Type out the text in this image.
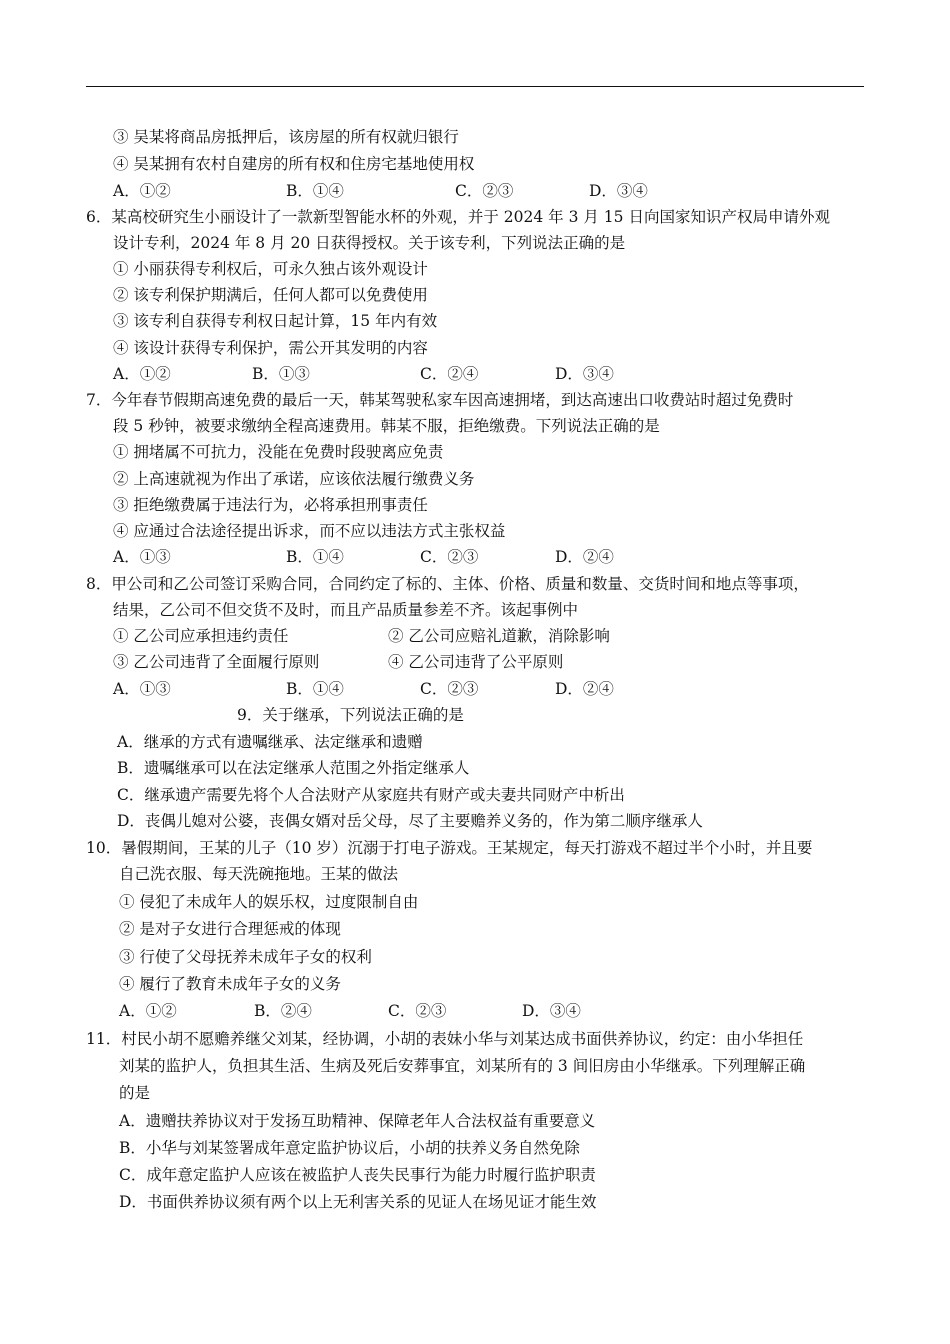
③ 吴某将商品房抵押后，该房屋的所有权就归银行
④ 吴某拥有农村自建房的所有权和住房宅基地使用权
A．①②	B．①④	C．②③	D．③④
6．某高校研究生小丽设计了一款新型智能水杯的外观，并于 2024 年 3 月 15 日向国家知识产权局申请外观
设计专利，2024 年 8 月 20 日获得授权。关于该专利，下列说法正确的是
① 小丽获得专利权后，可永久独占该外观设计
② 该专利保护期满后，任何人都可以免费使用
③ 该专利自获得专利权日起计算，15 年内有效
④ 该设计获得专利保护，需公开其发明的内容
A．①②	B．①③	C．②④	D．③④
7．今年春节假期高速免费的最后一天，韩某驾驶私家车因高速拥堵，到达高速出口收费站时超过免费时
段 5 秒钟，被要求缴纳全程高速费用。韩某不服，拒绝缴费。下列说法正确的是
① 拥堵属不可抗力，没能在免费时段驶离应免责
② 上高速就视为作出了承诺，应该依法履行缴费义务
③ 拒绝缴费属于违法行为，必将承担刑事责任
④ 应通过合法途径提出诉求，而不应以违法方式主张权益
A．①③	B．①④	C．②③	D．②④
8．甲公司和乙公司签订采购合同，合同约定了标的、主体、价格、质量和数量、交货时间和地点等事项，
结果，乙公司不但交货不及时，而且产品质量参差不齐。该起事例中
① 乙公司应承担违约责任	② 乙公司应赔礼道歉，消除影响
③ 乙公司违背了全面履行原则	④ 乙公司违背了公平原则
A．①③	B．①④	C．②③	D．②④
9．关于继承，下列说法正确的是
A．继承的方式有遗嘱继承、法定继承和遗赠
B．遗嘱继承可以在法定继承人范围之外指定继承人
C．继承遗产需要先将个人合法财产从家庭共有财产或夫妻共同财产中析出
D．丧偶儿媳对公婆，丧偶女婿对岳父母，尽了主要赡养义务的，作为第二顺序继承人
10．暑假期间，王某的儿子（10 岁）沉溺于打电子游戏。王某规定，每天打游戏不超过半个小时，并且要
自己洗衣服、每天洗碗拖地。王某的做法
① 侵犯了未成年人的娱乐权，过度限制自由
② 是对子女进行合理惩戒的体现
③ 行使了父母抚养未成年子女的权利
④ 履行了教育未成年子女的义务
A．①②	B．②④	C．②③	D．③④
11．村民小胡不愿赡养继父刘某，经协调，小胡的表妹小华与刘某达成书面供养协议，约定：由小华担任
刘某的监护人，负担其生活、生病及死后安葬事宜，刘某所有的 3 间旧房由小华继承。下列理解正确
的是
A．遗赠扶养协议对于发扬互助精神、保障老年人合法权益有重要意义
B．小华与刘某签署成年意定监护协议后，小胡的扶养义务自然免除
C．成年意定监护人应该在被监护人丧失民事行为能力时履行监护职责
D．书面供养协议须有两个以上无利害关系的见证人在场见证才能生效
